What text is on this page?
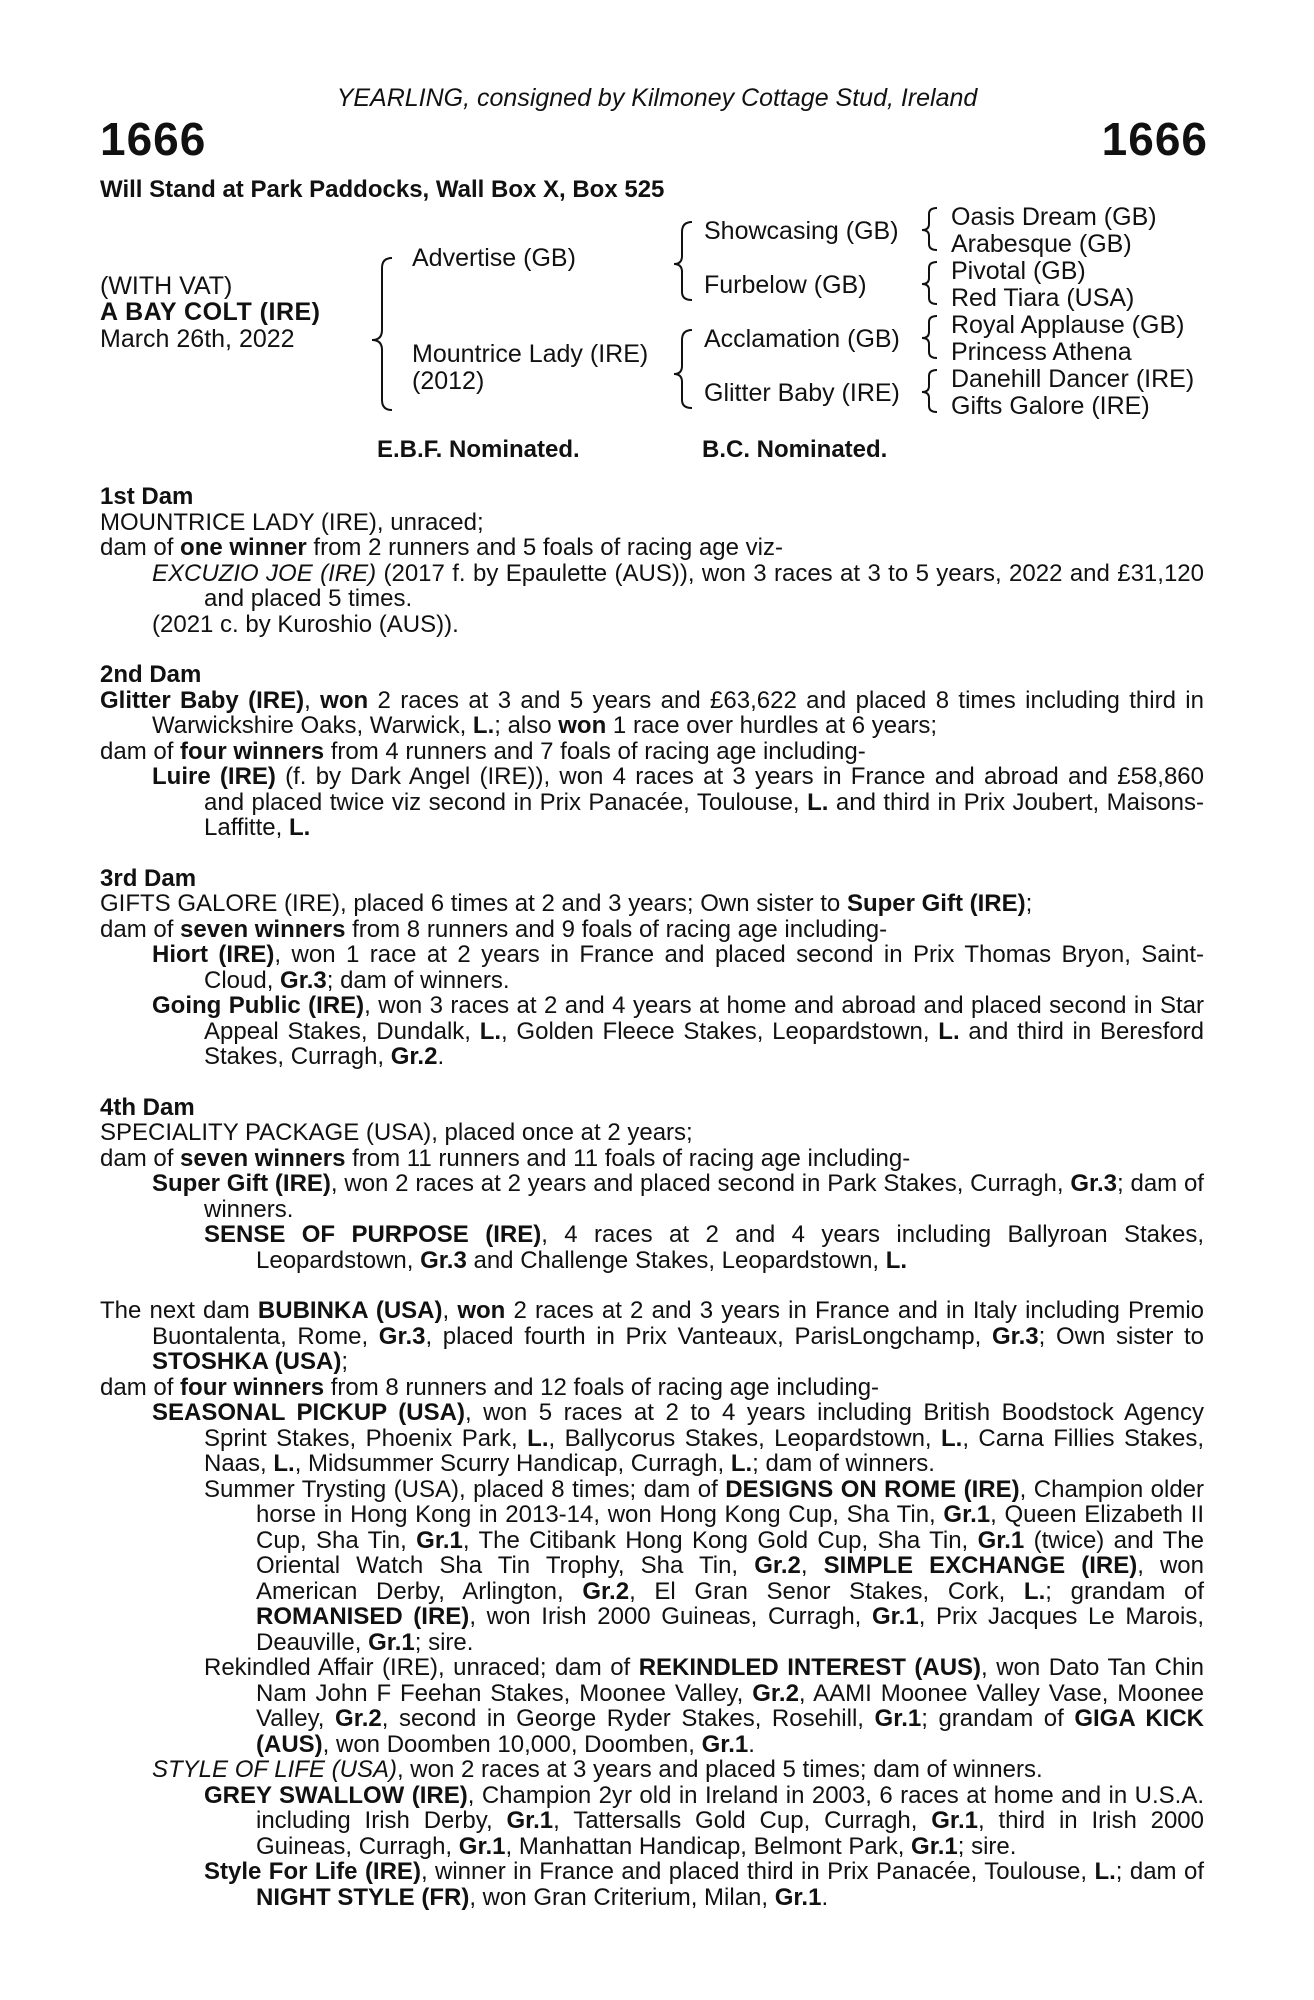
YEARLING, consigned by Kilmoney Cottage Stud, Ireland
1666	1666
Will Stand at Park Paddocks, Wall Box X, Box 525
(WITH VAT)
A BAY COLT (IRE)
March 26th, 2022
Advertise (GB)
Mountrice Lady (IRE)
(2012)
Showcasing (GB)
Furbelow (GB)
Acclamation (GB)
Glitter Baby (IRE)
Oasis Dream (GB)
Arabesque (GB)
Pivotal (GB)
Red Tiara (USA)
Royal Applause (GB)
Princess Athena
Danehill Dancer (IRE)
Gifts Galore (IRE)
E.B.F. Nominated.	B.C. Nominated.
1st Dam
MOUNTRICE LADY (IRE), unraced;
dam of one winner from 2 runners and 5 foals of racing age viz-
EXCUZIO JOE (IRE) (2017 f. by Epaulette (AUS)), won 3 races at 3 to 5 years, 2022 and £31,120 and placed 5 times.
(2021 c. by Kuroshio (AUS)).
2nd Dam
Glitter Baby (IRE), won 2 races at 3 and 5 years and £63,622 and placed 8 times including third in Warwickshire Oaks, Warwick, L.; also won 1 race over hurdles at 6 years;
dam of four winners from 4 runners and 7 foals of racing age including-
Luire (IRE) (f. by Dark Angel (IRE)), won 4 races at 3 years in France and abroad and £58,860 and placed twice viz second in Prix Panacée, Toulouse, L. and third in Prix Joubert, Maisons-Laffitte, L.
3rd Dam
GIFTS GALORE (IRE), placed 6 times at 2 and 3 years; Own sister to Super Gift (IRE);
dam of seven winners from 8 runners and 9 foals of racing age including-
Hiort (IRE), won 1 race at 2 years in France and placed second in Prix Thomas Bryon, Saint-Cloud, Gr.3; dam of winners.
Going Public (IRE), won 3 races at 2 and 4 years at home and abroad and placed second in Star Appeal Stakes, Dundalk, L., Golden Fleece Stakes, Leopardstown, L. and third in Beresford Stakes, Curragh, Gr.2.
4th Dam
SPECIALITY PACKAGE (USA), placed once at 2 years;
dam of seven winners from 11 runners and 11 foals of racing age including-
Super Gift (IRE), won 2 races at 2 years and placed second in Park Stakes, Curragh, Gr.3; dam of winners.
SENSE OF PURPOSE (IRE), 4 races at 2 and 4 years including Ballyroan Stakes, Leopardstown, Gr.3 and Challenge Stakes, Leopardstown, L.
The next dam BUBINKA (USA), won 2 races at 2 and 3 years in France and in Italy including Premio Buontalenta, Rome, Gr.3, placed fourth in Prix Vanteaux, ParisLongchamp, Gr.3; Own sister to STOSHKA (USA);
dam of four winners from 8 runners and 12 foals of racing age including-
SEASONAL PICKUP (USA), won 5 races at 2 to 4 years including British Boodstock Agency Sprint Stakes, Phoenix Park, L., Ballycorus Stakes, Leopardstown, L., Carna Fillies Stakes, Naas, L., Midsummer Scurry Handicap, Curragh, L.; dam of winners.
Summer Trysting (USA), placed 8 times; dam of DESIGNS ON ROME (IRE), Champion older horse in Hong Kong in 2013-14, won Hong Kong Cup, Sha Tin, Gr.1, Queen Elizabeth II Cup, Sha Tin, Gr.1, The Citibank Hong Kong Gold Cup, Sha Tin, Gr.1 (twice) and The Oriental Watch Sha Tin Trophy, Sha Tin, Gr.2, SIMPLE EXCHANGE (IRE), won American Derby, Arlington, Gr.2, El Gran Senor Stakes, Cork, L.; grandam of ROMANISED (IRE), won Irish 2000 Guineas, Curragh, Gr.1, Prix Jacques Le Marois, Deauville, Gr.1; sire.
Rekindled Affair (IRE), unraced; dam of REKINDLED INTEREST (AUS), won Dato Tan Chin Nam John F Feehan Stakes, Moonee Valley, Gr.2, AAMI Moonee Valley Vase, Moonee Valley, Gr.2, second in George Ryder Stakes, Rosehill, Gr.1; grandam of GIGA KICK (AUS), won Doomben 10,000, Doomben, Gr.1.
STYLE OF LIFE (USA), won 2 races at 3 years and placed 5 times; dam of winners.
GREY SWALLOW (IRE), Champion 2yr old in Ireland in 2003, 6 races at home and in U.S.A. including Irish Derby, Gr.1, Tattersalls Gold Cup, Curragh, Gr.1, third in Irish 2000 Guineas, Curragh, Gr.1, Manhattan Handicap, Belmont Park, Gr.1; sire.
Style For Life (IRE), winner in France and placed third in Prix Panacée, Toulouse, L.; dam of NIGHT STYLE (FR), won Gran Criterium, Milan, Gr.1.
